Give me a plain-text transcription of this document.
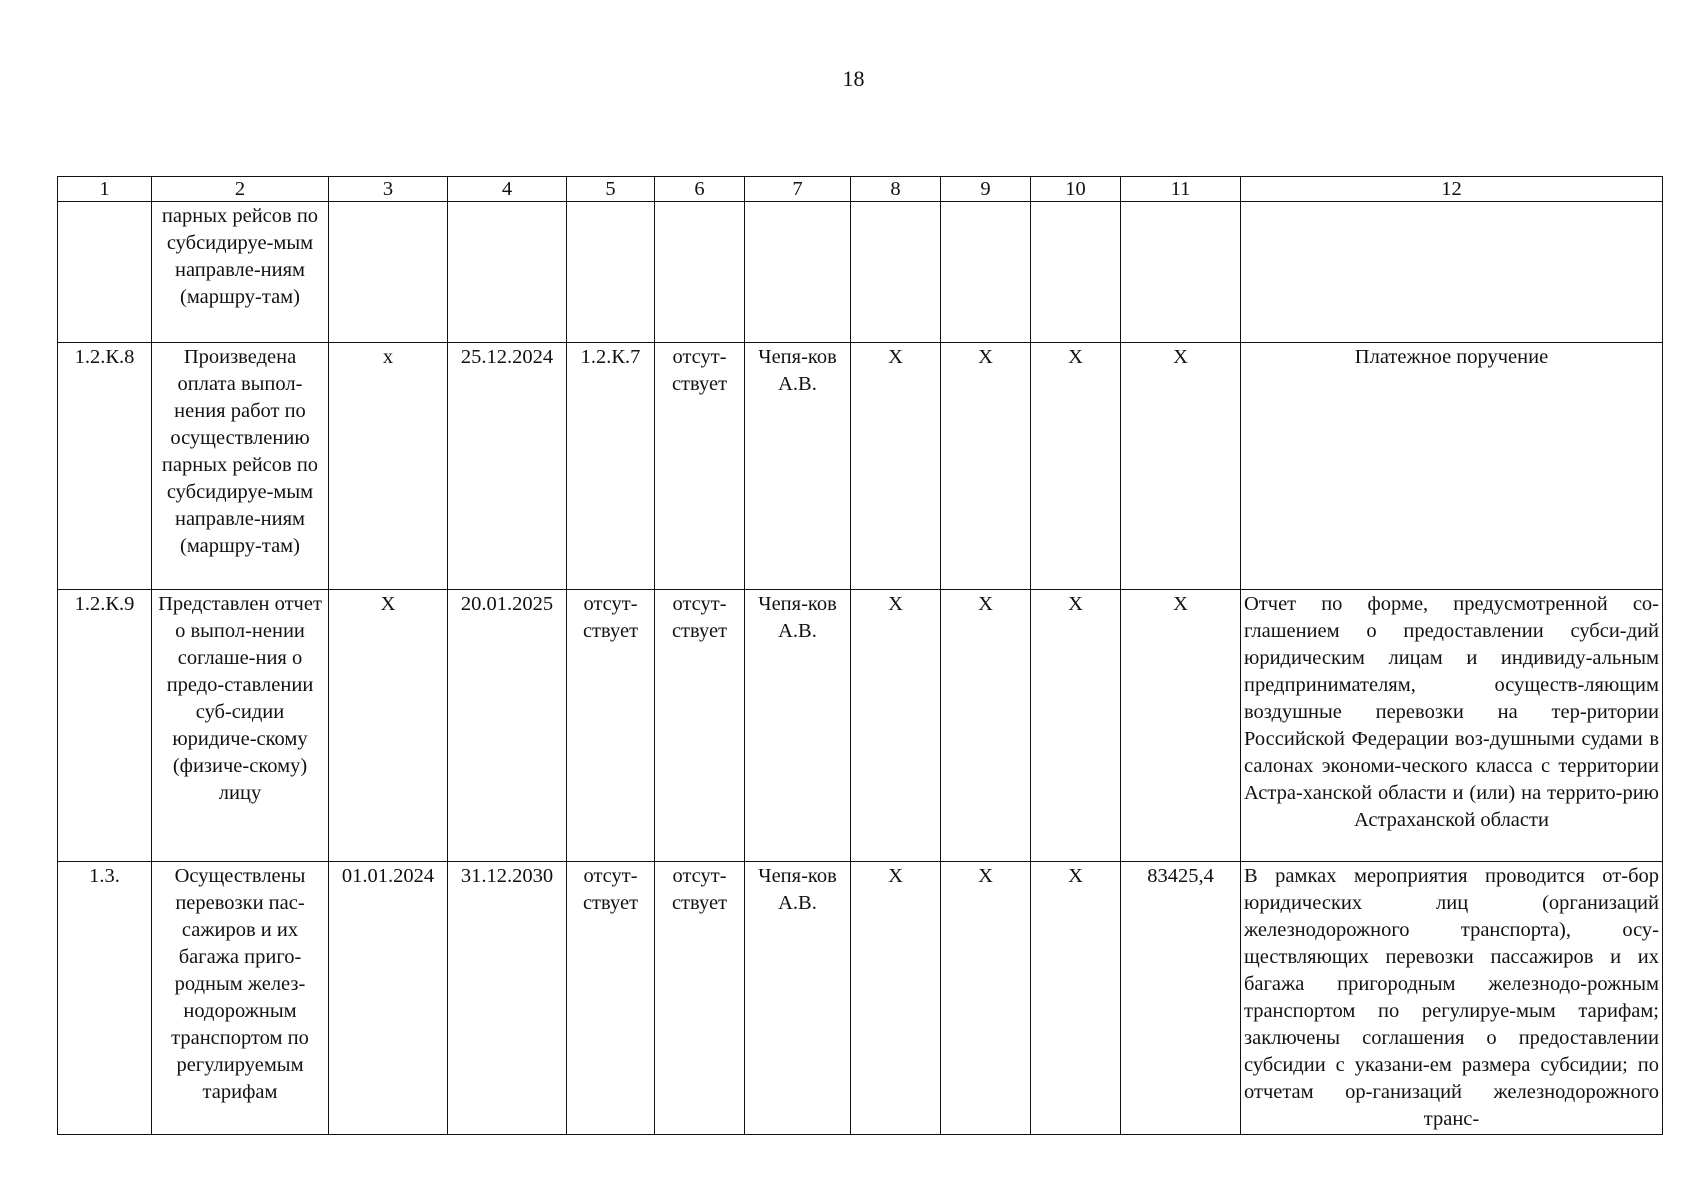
18
1	2	3	4	5	6	7	8	9	10	11	12
	парных рейсов по субсидируе-мым направле-ниям (маршру-там)										
1.2.К.8	Произведена оплата выпол-нения работ по осуществлению парных рейсов по субсидируе-мым направле-ниям (маршру-там)	х	25.12.2024	1.2.К.7	отсут-ствует	Чепя-ков А.В.	Х	Х	Х	Х	Платежное поручение
1.2.К.9	Представлен отчет о выпол-нении соглаше-ния о предо-ставлении суб-сидии юридиче-скому (физиче-скому) лицу	Х	20.01.2025	отсут-ствует	отсут-ствует	Чепя-ков А.В.	Х	Х	Х	Х	Отчет по форме, предусмотренной со-глашением о предоставлении субси-дий юридическим лицам и индивиду-альным предпринимателям, осуществ-ляющим воздушные перевозки на тер-ритории Российской Федерации воз-душными судами в салонах экономи-ческого класса с территории Астра-ханской области и (или) на террито-рию Астраханской области
1.3.	Осуществлены перевозки пас-сажиров и их багажа приго-родным желез-нодорожным транспортом по регулируемым тарифам	01.01.2024	31.12.2030	отсут-ствует	отсут-ствует	Чепя-ков А.В.	Х	Х	Х	83425,4	В рамках мероприятия проводится от-бор юридических лиц (организаций железнодорожного транспорта), осу-ществляющих перевозки пассажиров и их багажа пригородным железнодо-рожным транспортом по регулируе-мым тарифам; заключены соглашения о предоставлении субсидии с указани-ем размера субсидии; по отчетам ор-ганизаций железнодорожного транс-
